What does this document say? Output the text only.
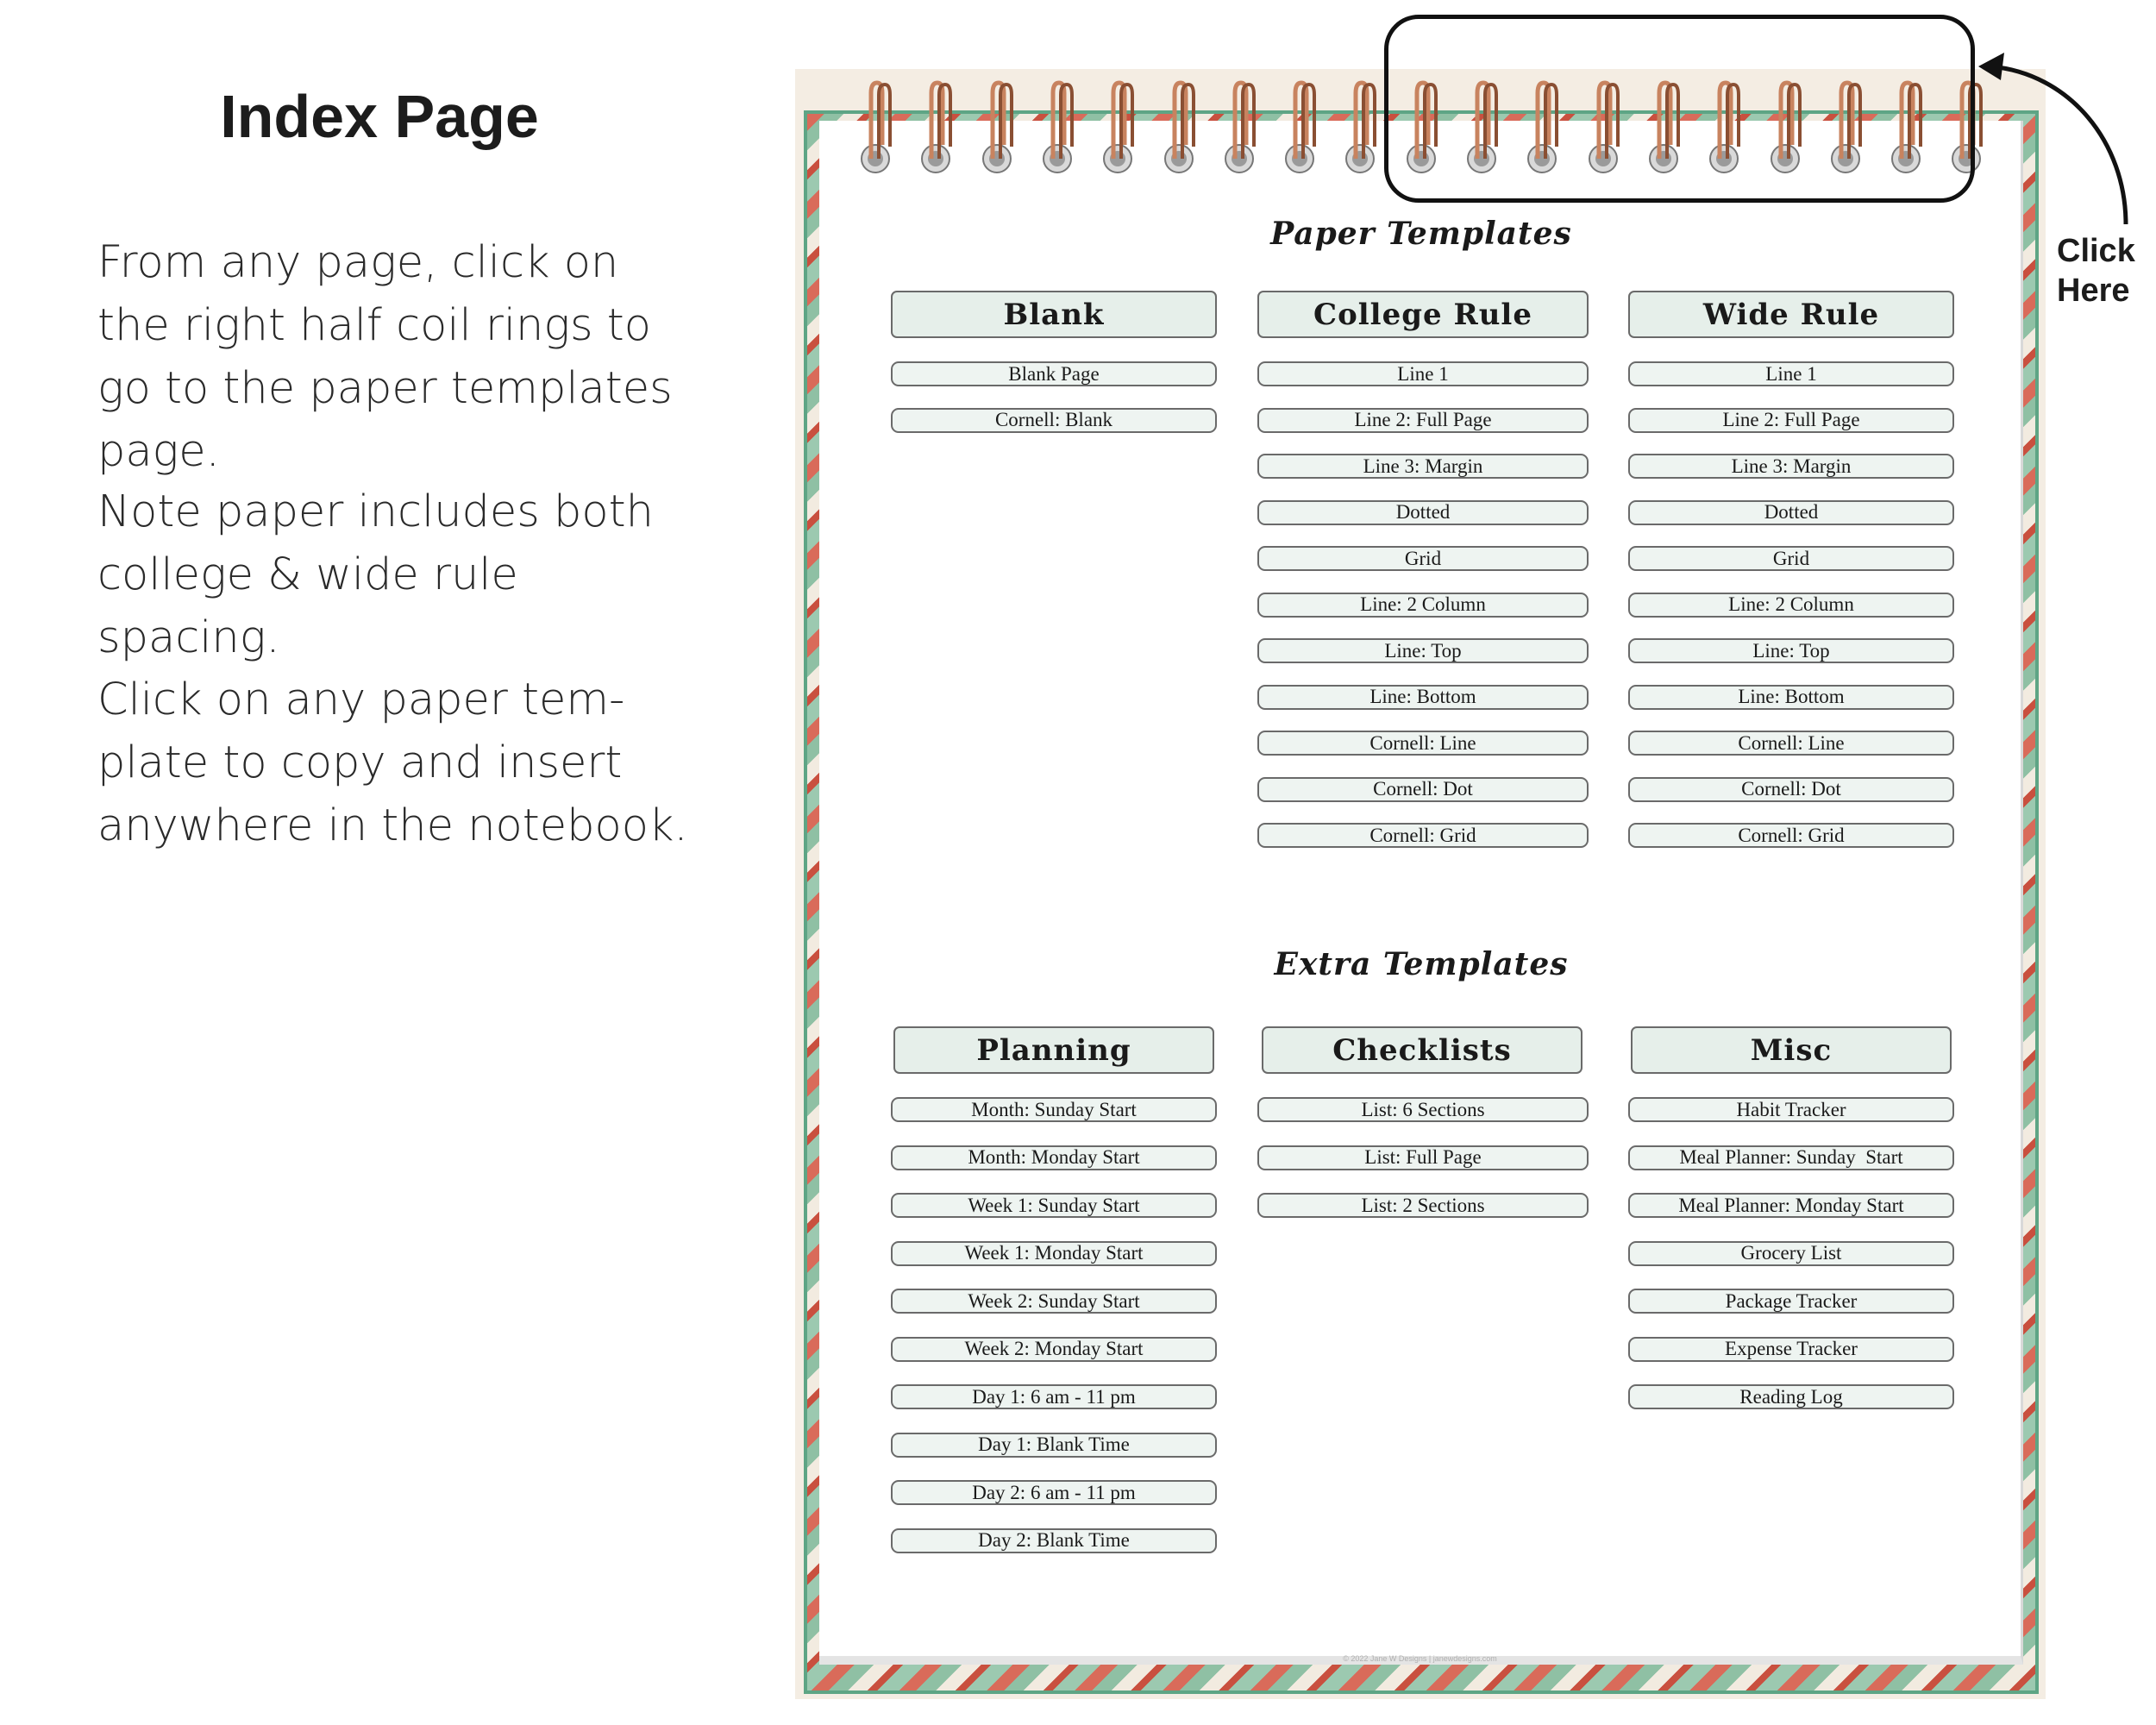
Index Page

From any page, click on the right half coil rings to go to the paper templates page.

Note paper includes both college & wide rule spacing.

Click on any paper tem-plate to copy and insert anywhere in the notebook.

© 2022 Jane W Designs | janewdesigns.com
Paper Templates
Extra Templates
Blank
Blank Page
Cornell: Blank
College Rule
Line 1
Line 2: Full Page
Line 3: Margin
Dotted
Grid
Line: 2 Column
Line: Top
Line: Bottom
Cornell: Line
Cornell: Dot
Cornell: Grid
Wide Rule
Line 1
Line 2: Full Page
Line 3: Margin
Dotted
Grid
Line: 2 Column
Line: Top
Line: Bottom
Cornell: Line
Cornell: Dot
Cornell: Grid
Planning
Month: Sunday Start
Month: Monday Start
Week 1: Sunday Start
Week 1: Monday Start
Week 2: Sunday Start
Week 2: Monday Start
Day 1: 6 am - 11 pm
Day 1: Blank Time
Day 2: 6 am - 11 pm
Day 2: Blank Time
Checklists
List: 6 Sections
List: Full Page
List: 2 Sections
Misc
Habit Tracker
Meal Planner: Sunday  Start
Meal Planner: Monday Start
Grocery List
Package Tracker
Expense Tracker
Reading Log
Click Here
